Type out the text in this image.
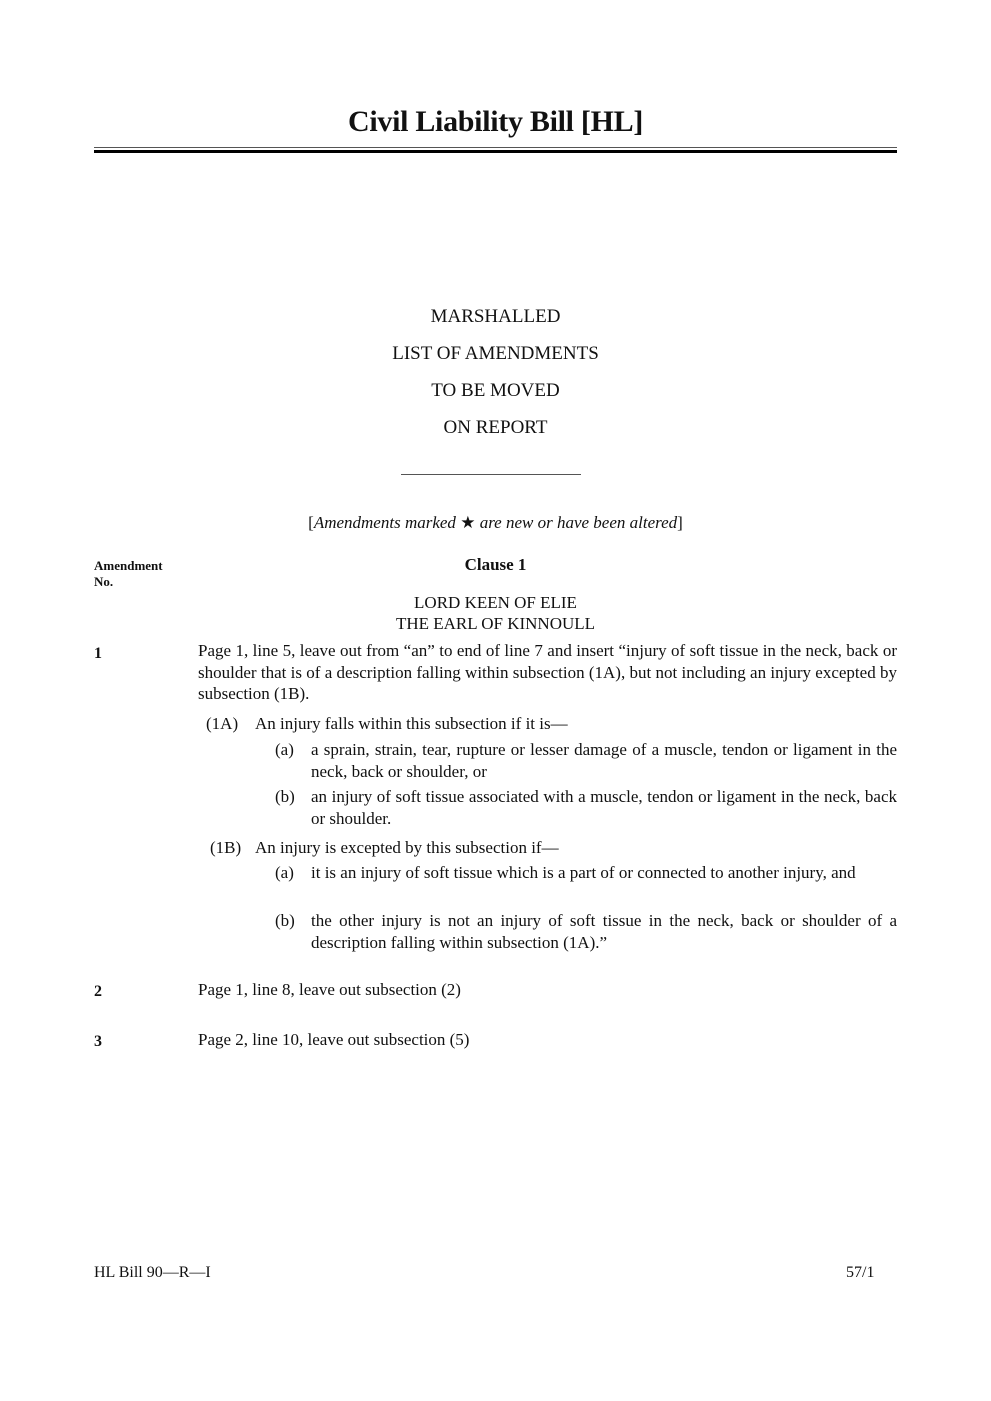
Civil Liability Bill [HL]
MARSHALLED
LIST OF AMENDMENTS
TO BE MOVED
ON REPORT
[Amendments marked ★ are new or have been altered]
Amendment
No.
Clause 1
LORD KEEN OF ELIE
THE EARL OF KINNOULL
1	Page 1, line 5, leave out from “an” to end of line 7 and insert “injury of soft tissue in the neck, back or shoulder that is of a description falling within subsection (1A), but not including an injury excepted by subsection (1B).
(1A) An injury falls within this subsection if it is—
(a) a sprain, strain, tear, rupture or lesser damage of a muscle, tendon or ligament in the neck, back or shoulder, or
(b) an injury of soft tissue associated with a muscle, tendon or ligament in the neck, back or shoulder.
(1B) An injury is excepted by this subsection if—
(a) it is an injury of soft tissue which is a part of or connected to another injury, and
(b) the other injury is not an injury of soft tissue in the neck, back or shoulder of a description falling within subsection (1A).”
2	Page 1, line 8, leave out subsection (2)
3	Page 2, line 10, leave out subsection (5)
HL Bill 90—R—I	57/1
